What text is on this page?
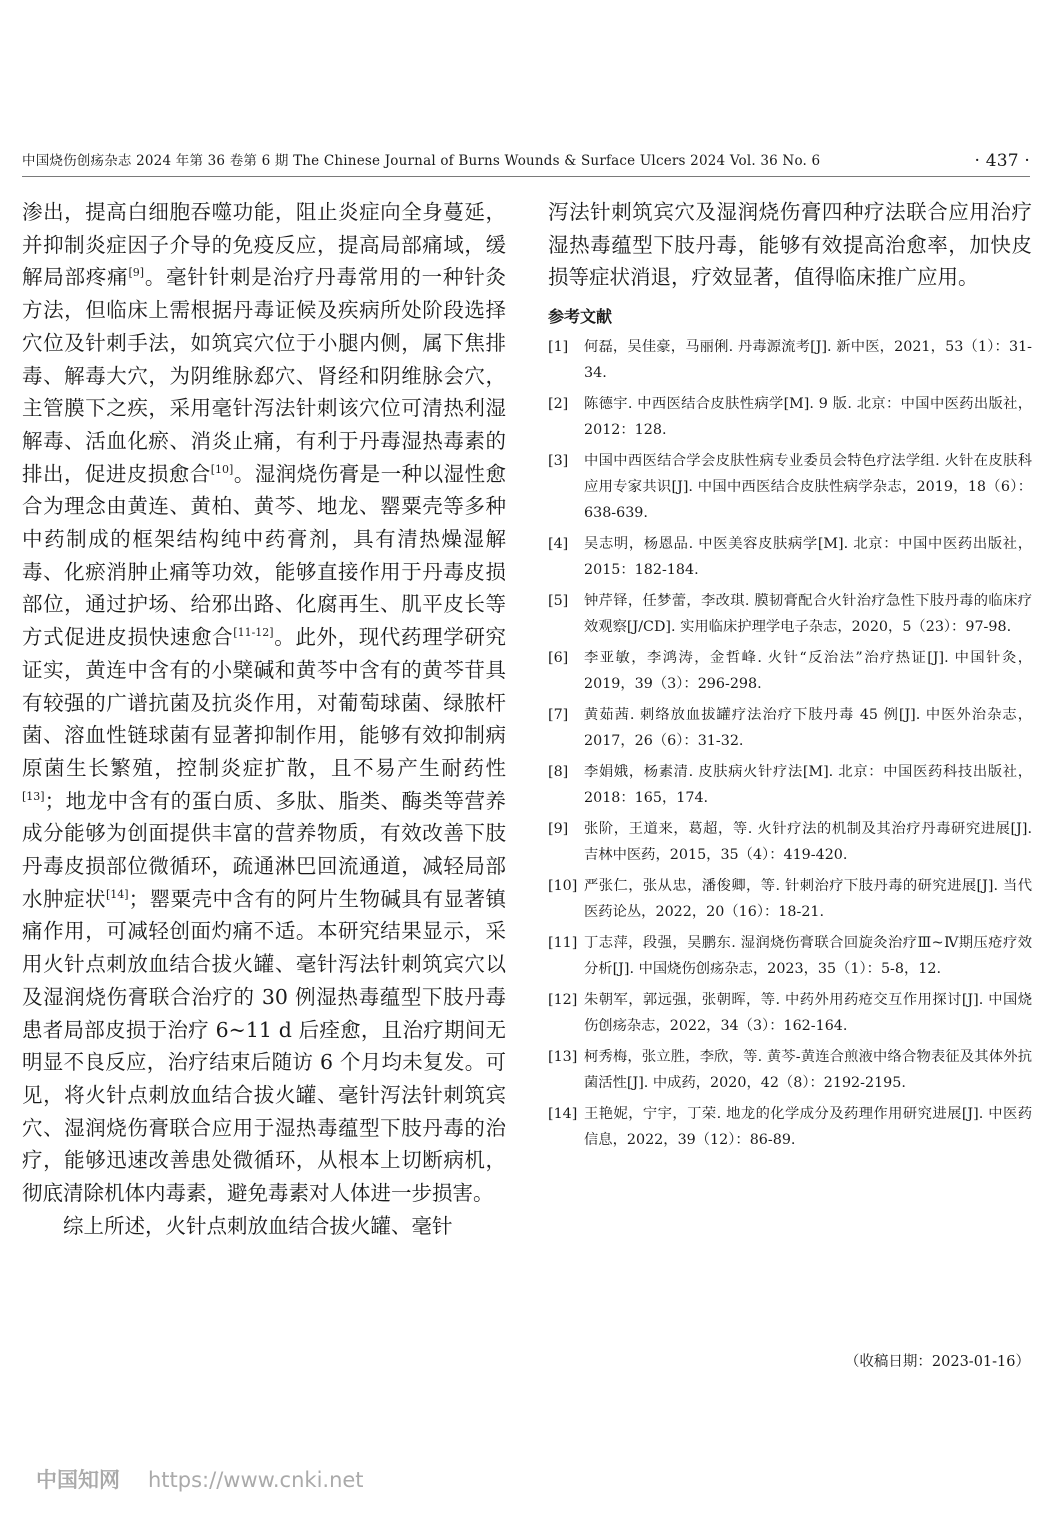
中国烧伤创疡杂志 2024 年第 36 卷第 6 期 The Chinese Journal of Burns Wounds & Surface Ulcers 2024 Vol. 36 No. 6	· 437 ·

渗出，提高白细胞吞噬功能，阻止炎症向全身蔓延，并抑制炎症因子介导的免疫反应，提高局部痛域，缓解局部疼痛[9]。毫针针刺是治疗丹毒常用的一种针灸方法，但临床上需根据丹毒证候及疾病所处阶段选择穴位及针刺手法，如筑宾穴位于小腿内侧，属下焦排毒、解毒大穴，为阴维脉郄穴、肾经和阴维脉会穴，主管膜下之疾，采用毫针泻法针刺该穴位可清热利湿解毒、活血化瘀、消炎止痛，有利于丹毒湿热毒素的排出，促进皮损愈合[10]。湿润烧伤膏是一种以湿性愈合为理念由黄连、黄柏、黄芩、地龙、罂粟壳等多种中药制成的框架结构纯中药膏剂，具有清热燥湿解毒、化瘀消肿止痛等功效，能够直接作用于丹毒皮损部位，通过护场、给邪出路、化腐再生、肌平皮长等方式促进皮损快速愈合[11-12]。此外，现代药理学研究证实，黄连中含有的小檗碱和黄芩中含有的黄芩苷具有较强的广谱抗菌及抗炎作用，对葡萄球菌、绿脓杆菌、溶血性链球菌有显著抑制作用，能够有效抑制病原菌生长繁殖，控制炎症扩散，且不易产生耐药性[13]；地龙中含有的蛋白质、多肽、脂类、酶类等营养成分能够为创面提供丰富的营养物质，有效改善下肢丹毒皮损部位微循环，疏通淋巴回流通道，减轻局部水肿症状[14]；罂粟壳中含有的阿片生物碱具有显著镇痛作用，可减轻创面灼痛不适。本研究结果显示，采用火针点刺放血结合拔火罐、毫针泻法针刺筑宾穴以及湿润烧伤膏联合治疗的 30 例湿热毒蕴型下肢丹毒患者局部皮损于治疗 6~11 d 后痊愈，且治疗期间无明显不良反应，治疗结束后随访 6 个月均未复发。可见，将火针点刺放血结合拔火罐、毫针泻法针刺筑宾穴、湿润烧伤膏联合应用于湿热毒蕴型下肢丹毒的治疗，能够迅速改善患处微循环，从根本上切断病机，彻底清除机体内毒素，避免毒素对人体进一步损害。

综上所述，火针点刺放血结合拔火罐、毫针

泻法针刺筑宾穴及湿润烧伤膏四种疗法联合应用治疗湿热毒蕴型下肢丹毒，能够有效提高治愈率，加快皮损等症状消退，疗效显著，值得临床推广应用。

参考文献

[1] 何磊，吴佳豪，马丽俐. 丹毒源流考[J]. 新中医，2021，53（1）：31-34.

[2] 陈德宇. 中西医结合皮肤性病学[M]. 9 版. 北京：中国中医药出版社，2012：128.

[3] 中国中西医结合学会皮肤性病专业委员会特色疗法学组. 火针在皮肤科应用专家共识[J]. 中国中西医结合皮肤性病学杂志，2019，18（6）：638-639.

[4] 吴志明，杨恩品. 中医美容皮肤病学[M]. 北京：中国中医药出版社，2015：182-184.

[5] 钟芹铎，任梦蕾，李改琪. 膜韧膏配合火针治疗急性下肢丹毒的临床疗效观察[J/CD]. 实用临床护理学电子杂志，2020，5（23）：97-98.

[6] 李亚敏，李鸿涛，金哲峰. 火针“反治法”治疗热证[J]. 中国针灸，2019，39（3）：296-298.

[7] 黄茹茜. 刺络放血拔罐疗法治疗下肢丹毒 45 例[J]. 中医外治杂志，2017，26（6）：31-32.

[8] 李娟娥，杨素清. 皮肤病火针疗法[M]. 北京：中国医药科技出版社，2018：165，174.

[9] 张阶，王道来，葛超，等. 火针疗法的机制及其治疗丹毒研究进展[J]. 吉林中医药，2015，35（4）：419-420.

[10] 严张仁，张从忠，潘俊卿，等. 针刺治疗下肢丹毒的研究进展[J]. 当代医药论丛，2022，20（16）：18-21.

[11] 丁志萍，段强，吴鹏东. 湿润烧伤膏联合回旋灸治疗Ⅲ~Ⅳ期压疮疗效分析[J]. 中国烧伤创疡杂志，2023，35（1）：5-8，12.

[12] 朱朝军，郭远强，张朝晖，等. 中药外用药疮交互作用探讨[J]. 中国烧伤创疡杂志，2022，34（3）：162-164.

[13] 柯秀梅，张立胜，李欣，等. 黄芩-黄连合煎液中络合物表征及其体外抗菌活性[J]. 中成药，2020，42（8）：2192-2195.

[14] 王艳妮，宁宇，丁荣. 地龙的化学成分及药理作用研究进展[J]. 中医药信息，2022，39（12）：86-89.

（收稿日期：2023-01-16）
中国知网 https://www.cnki.net
